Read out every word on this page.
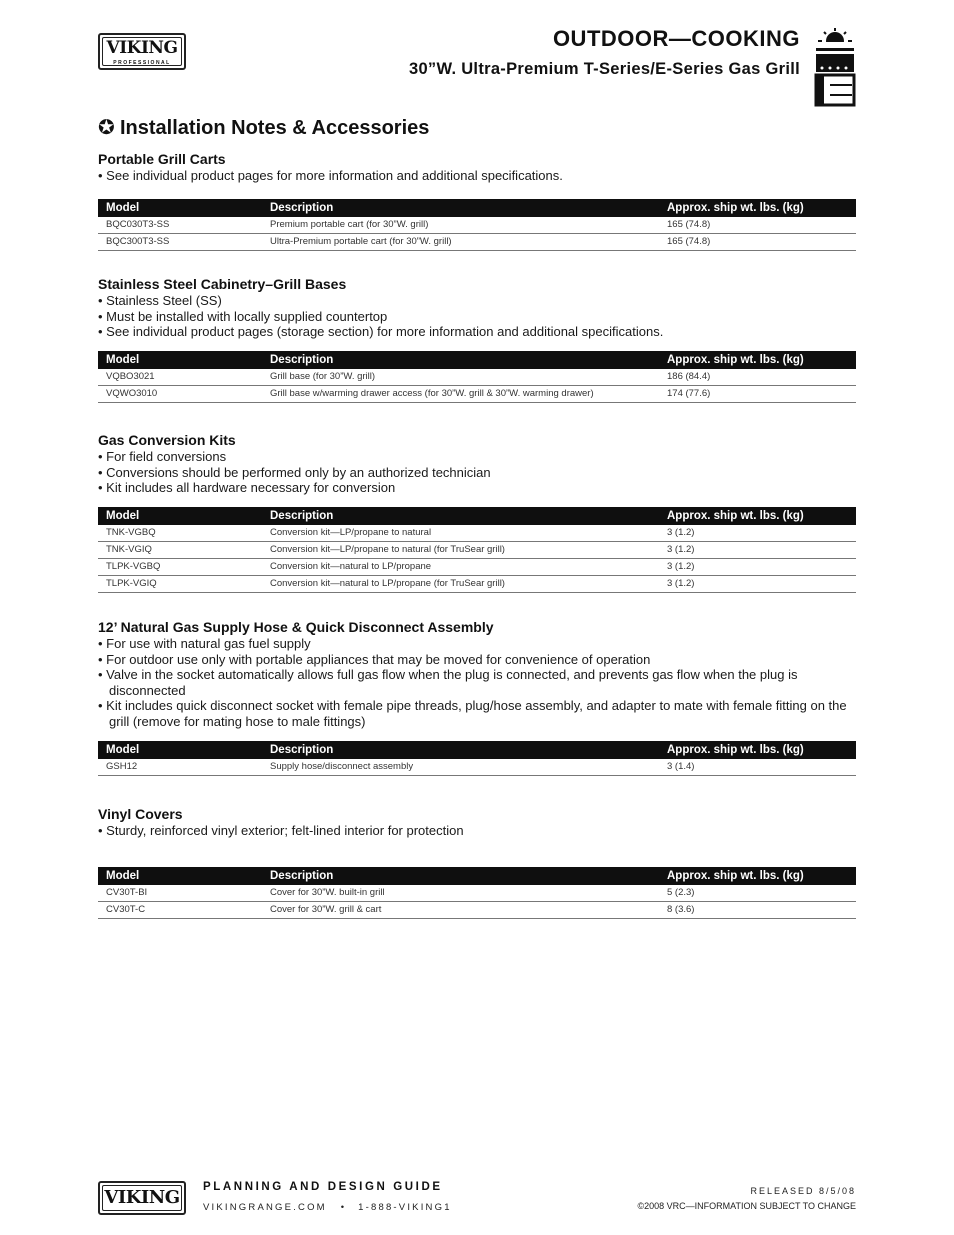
VIKING
PROFESSIONAL
OUTDOOR—COOKING
30”W. Ultra-Premium T-Series/E-Series Gas Grill
✪ Installation Notes & Accessories
Portable Grill Carts
• See individual product pages for more information and additional specifications.
Model	Description	Approx. ship wt. lbs. (kg)
BQC030T3-SS	Premium portable cart (for 30”W. grill)	165 (74.8)
BQC300T3-SS	Ultra-Premium portable cart (for 30”W. grill)	165 (74.8)
Stainless Steel Cabinetry–Grill Bases
• Stainless Steel (SS)
• Must be installed with locally supplied countertop
• See individual product pages (storage section) for more information and additional specifications.
Model	Description	Approx. ship wt. lbs. (kg)
VQBO3021	Grill base (for 30”W. grill)	186 (84.4)
VQWO3010	Grill base w/warming drawer access (for 30”W. grill & 30”W. warming drawer)	174 (77.6)
Gas Conversion Kits
• For field conversions
• Conversions should be performed only by an authorized technician
• Kit includes all hardware necessary for conversion
Model	Description	Approx. ship wt. lbs. (kg)
TNK-VGBQ	Conversion kit—LP/propane to natural	3 (1.2)
TNK-VGIQ	Conversion kit—LP/propane to natural (for TruSear grill)	3 (1.2)
TLPK-VGBQ	Conversion kit—natural to LP/propane	3 (1.2)
TLPK-VGIQ	Conversion kit—natural to LP/propane (for TruSear grill)	3 (1.2)
12’ Natural Gas Supply Hose & Quick Disconnect Assembly
• For use with natural gas fuel supply
• For outdoor use only with portable appliances that may be moved for convenience of operation
• Valve in the socket automatically allows full gas flow when the plug is connected, and prevents gas flow when the plug is disconnected
• Kit includes quick disconnect socket with female pipe threads, plug/hose assembly, and adapter to mate with female fitting on the grill (remove for mating hose to male fittings)
Model	Description	Approx. ship wt. lbs. (kg)
GSH12	Supply hose/disconnect assembly	3 (1.4)
Vinyl Covers
• Sturdy, reinforced vinyl exterior; felt-lined interior for protection
Model	Description	Approx. ship wt. lbs. (kg)
CV30T-BI	Cover for 30”W. built-in grill	5 (2.3)
CV30T-C	Cover for 30”W. grill & cart	8 (3.6)
VIKING	PLANNING AND DESIGN GUIDE
VIKINGRANGE.COM • 1-888-VIKING1
RELEASED 8/5/08
©2008 VRC—INFORMATION SUBJECT TO CHANGE
